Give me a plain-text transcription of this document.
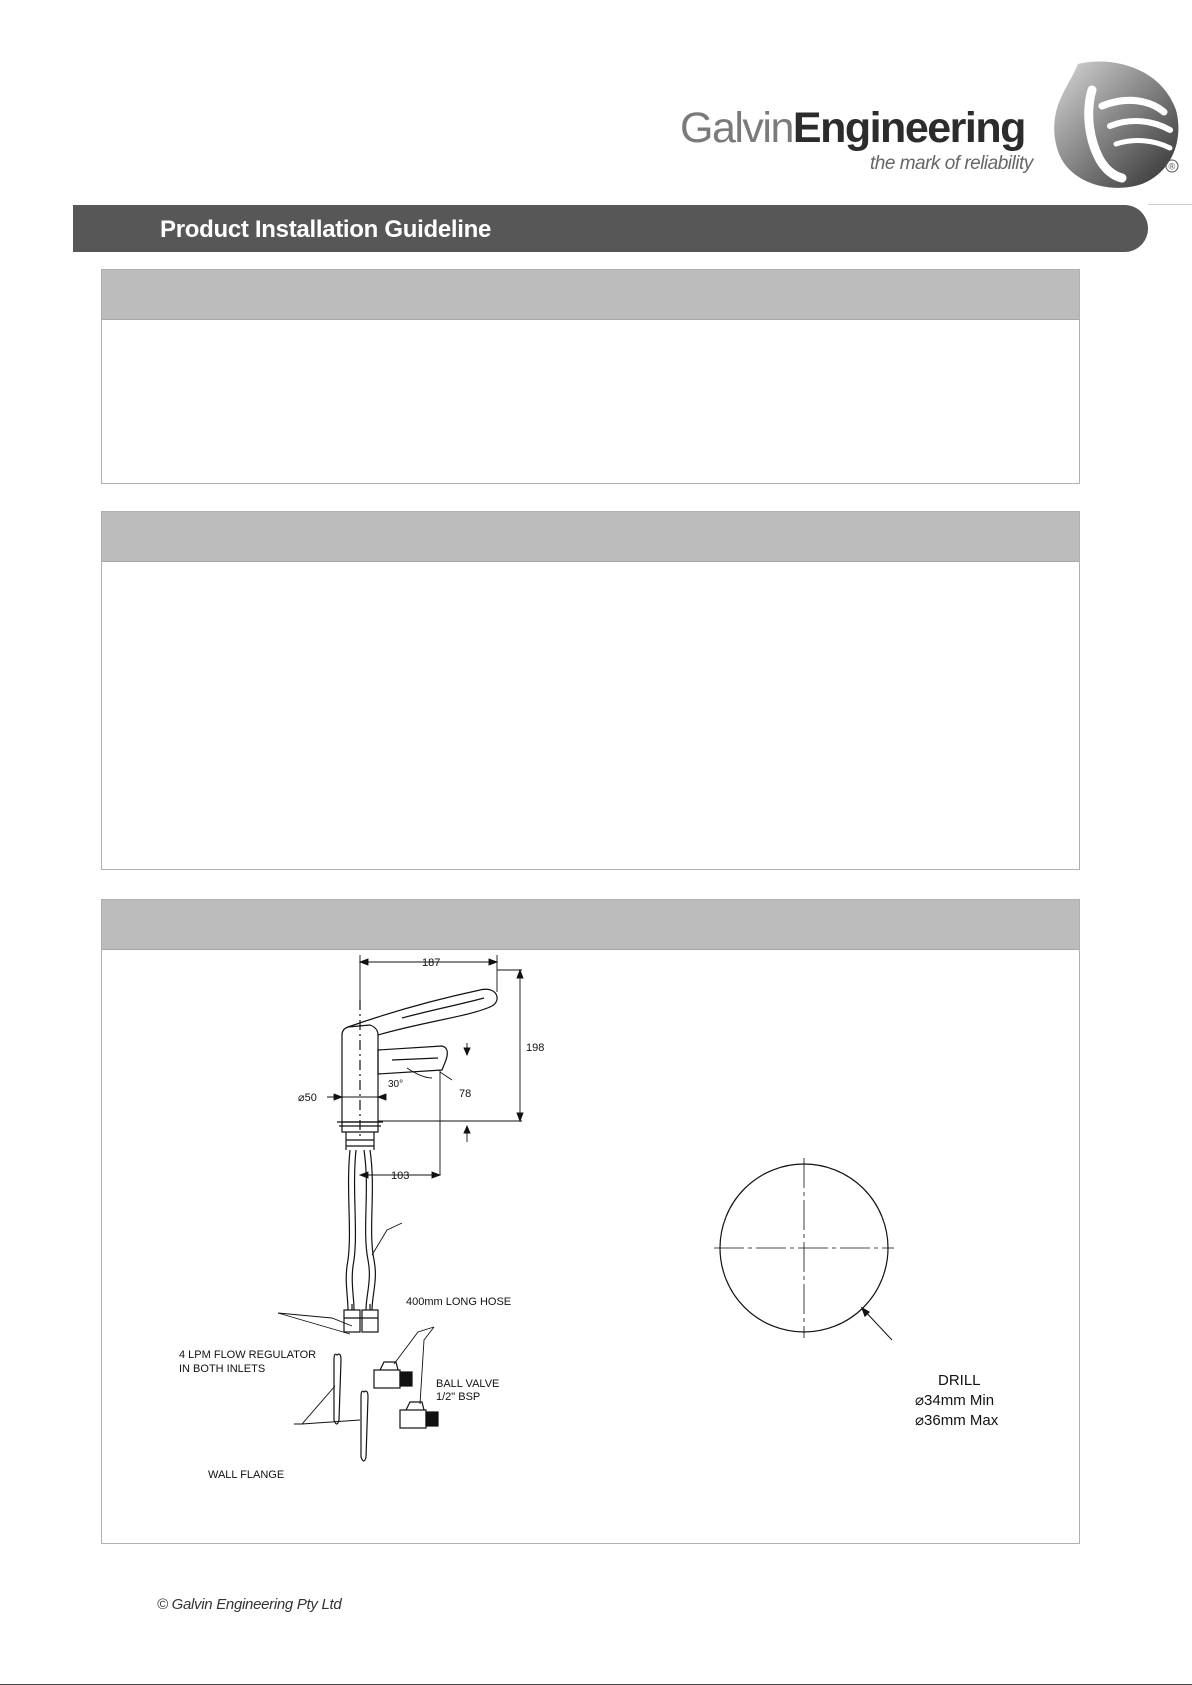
GalvinEngineering
the mark of reliability	®
Product Installation Guideline
187
198
⌀50
30°
78
103
400mm LONG HOSE
4 LPM FLOW REGULATOR
IN BOTH INLETS
BALL VALVE
1/2" BSP
WALL FLANGE
DRILL
⌀34mm Min
⌀36mm Max
© Galvin Engineering Pty Ltd
